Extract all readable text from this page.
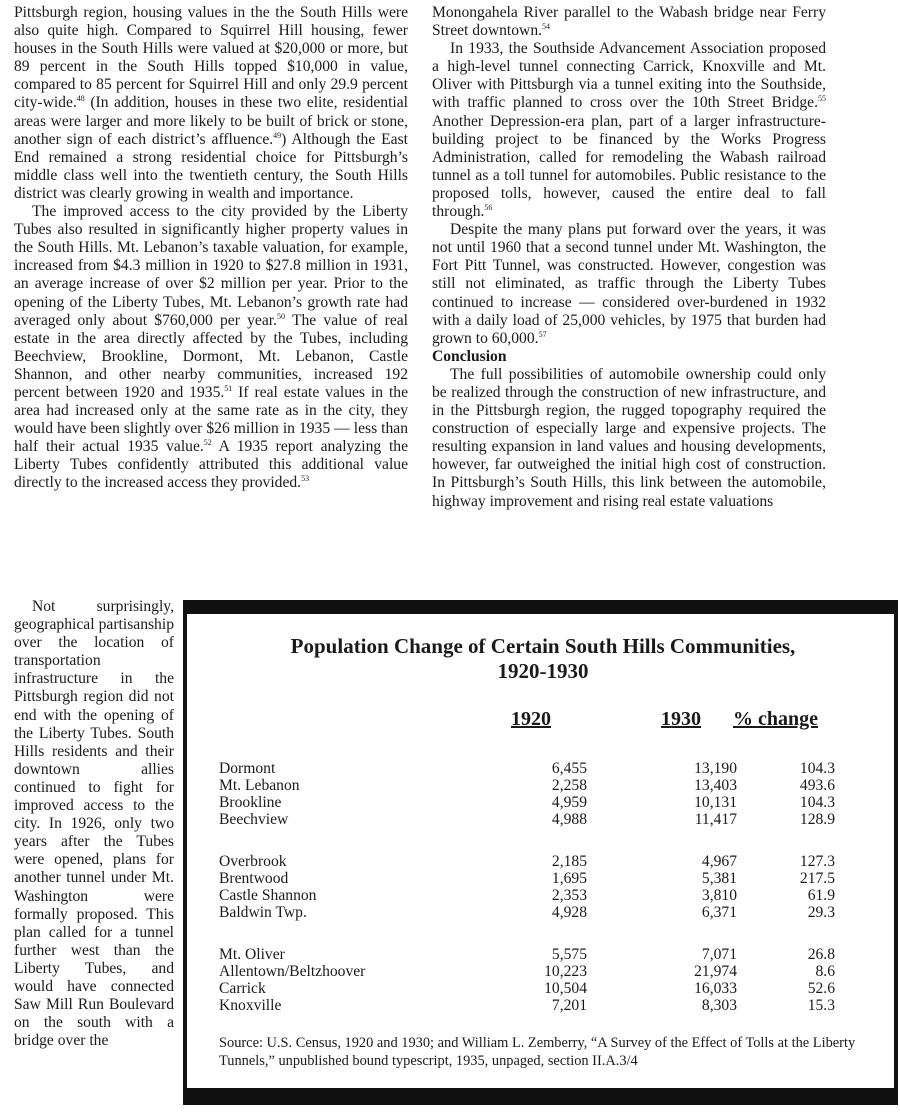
Pittsburgh region, housing values in the the South Hills were also quite high. Compared to Squirrel Hill housing, fewer houses in the South Hills were valued at $20,000 or more, but 89 percent in the South Hills topped $10,000 in value, compared to 85 percent for Squirrel Hill and only 29.9 percent city-wide.$^{48}$ (In addition, houses in these two elite, residential areas were larger and more likely to be built of brick or stone, another sign of each district’s affluence.$^{49}$) Although the East End remained a strong residential choice for Pittsburgh’s middle class well into the twentieth century, the South Hills district was clearly growing in wealth and importance.

The improved access to the city provided by the Liberty Tubes also resulted in significantly higher property values in the South Hills. Mt. Lebanon’s taxable valuation, for example, increased from $4.3 million in 1920 to $27.8 million in 1931, an average increase of over $2 million per year. Prior to the opening of the Liberty Tubes, Mt. Lebanon’s growth rate had averaged only about $760,000 per year.$^{50}$ The value of real estate in the area directly affected by the Tubes, including Beechview, Brookline, Dormont, Mt. Lebanon, Castle Shannon, and other nearby communities, increased 192 percent between 1920 and 1935.51 If real estate values in the area had increased only at the same rate as in the city, they would have been slightly over $26 million in 1935 — less than half their actual 1935 value.$^{52}$ A 1935 report analyzing the Liberty Tubes confidently attributed this additional value directly to the increased access they provided.$^{53}$

Not surprisingly, geographical partisanship over the location of transportation infrastructure in the Pittsburgh region did not end with the opening of the Liberty Tubes. South Hills residents and their downtown allies continued to fight for improved access to the city. In 1926, only two years after the Tubes were opened, plans for another tunnel under Mt. Washington were formally proposed. This plan called for a tunnel further west than the Liberty Tubes, and would have connected Saw Mill Run Boulevard on the south with a bridge over the

Monongahela River parallel to the Wabash bridge near Ferry Street downtown.$^{54}$

In 1933, the Southside Advancement Association proposed a high-level tunnel connecting Carrick, Knoxville and Mt. Oliver with Pittsburgh via a tunnel exiting into the Southside, with traffic planned to cross over the 10th Street Bridge.$^{55}$ Another Depression-era plan, part of a larger infrastructure-building project to be financed by the Works Progress Administration, called for remodeling the Wabash railroad tunnel as a toll tunnel for automobiles. Public resistance to the proposed tolls, however, caused the entire deal to fall through.$^{56}$

Despite the many plans put forward over the years, it was not until 1960 that a second tunnel under Mt. Washington, the Fort Pitt Tunnel, was constructed. However, congestion was still not eliminated, as traffic through the Liberty Tubes continued to increase — considered over-burdened in 1932 with a daily load of 25,000 vehicles, by 1975 that burden had grown to 60,000.57

Conclusion

The full possibilities of automobile ownership could only be realized through the construction of new infrastructure, and in the Pittsburgh region, the rugged topography required the construction of especially large and expensive projects. The resulting expansion in land values and housing developments, however, far outweighed the initial high cost of construction. In Pittsburgh’s South Hills, this link between the automobile, highway improvement and rising real estate valuations

Population Change of Certain South Hills Communities,
1920-1930
1920	1930 % change
Dormont	6,455	13,190	104.3
Mt. Lebanon	2,258	13,403	493.6
Brookline	4,959	10,131	104.3
Beechview	4,988	11,417	128.9
Overbrook	2,185	4,967	127.3
Brentwood	1,695	5,381	217.5
Castle Shannon	2,353	3,810	61.9
Baldwin Twp.	4,928	6,371	29.3
Mt. Oliver	5,575	7,071	26.8
Allentown/Beltzhoover	10,223	21,974	8.6
Carrick	10,504	16,033	52.6
Knoxville	7,201	8,303	15.3
Source: U.S. Census, 1920 and 1930; and William L. Zemberry, “A Survey of the Effect of Tolls at the Liberty Tunnels,” unpublished bound typescript, 1935, unpaged, section II.A.3/4
